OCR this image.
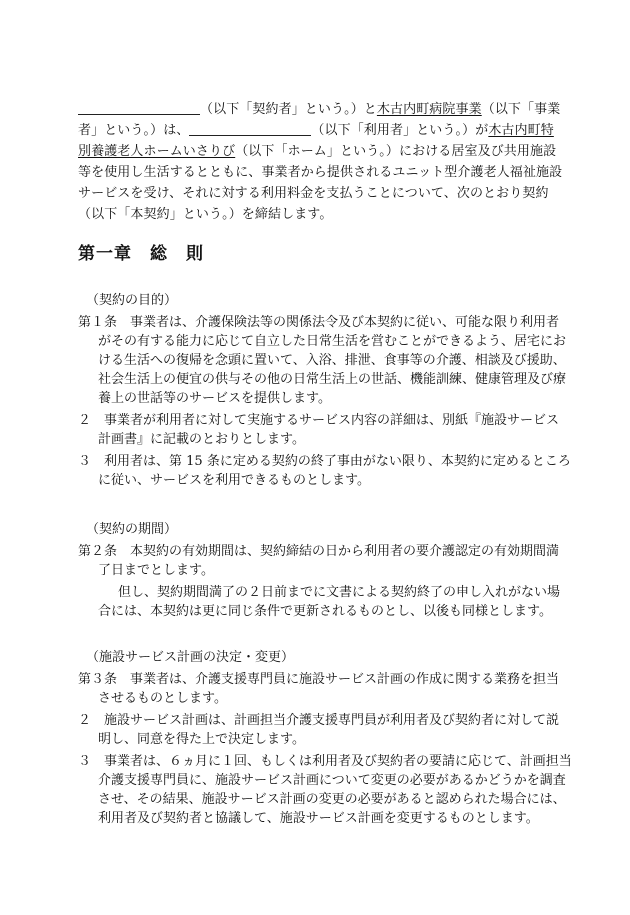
（以下「契約者」という。）と木古内町病院事業（以下「事業者」という。）は、	（以下「利用者」という。）が木古内町特別養護老人ホームいさりび（以下「ホーム」という。）における居室及び共用施設等を使用し生活するとともに、事業者から提供されるユニット型介護老人福祉施設サービスを受け、それに対する利用料金を支払うことについて、次のとおり契約（以下「本契約」という。）を締結します。
第一章 総　則
（契約の目的）
第１条　 事業者は、介護保険法等の関係法令及び本契約に従い、可能な限り利用者がその有する能力に応じて自立した日常生活を営むことができるよう、居宅における生活への復帰を念頭に置いて、入浴、排泄、食事等の介護、相談及び援助、社会生活上の便宜の供与その他の日常生活上の世話、機能訓練、健康管理及び療養上の世話等のサービスを提供します。
２　 事業者が利用者に対して実施するサービス内容の詳細は、別紙『施設サービス計画書』に記載のとおりとします。
３　 利用者は、第 15 条に定める契約の終了事由がない限り、本契約に定めるところに従い、サービスを利用できるものとします。
（契約の期間）
第２条　 本契約の有効期間は、契約締結の日から利用者の要介護認定の有効期間満了日までとします。
但し、契約期間満了の２日前までに文書による契約終了の申し入れがない場合には、本契約は更に同じ条件で更新されるものとし、以後も同様とします。
（施設サービス計画の決定・変更）
第３条　 事業者は、介護支援専門員に施設サービス計画の作成に関する業務を担当させるものとします。
２　 施設サービス計画は、計画担当介護支援専門員が利用者及び契約者に対して説明し、同意を得た上で決定します。
３　 事業者は、６ヵ月に１回、もしくは利用者及び契約者の要請に応じて、計画担当介護支援専門員に、施設サービス計画について変更の必要があるかどうかを調査させ、その結果、施設サービス計画の変更の必要があると認められた場合には、利用者及び契約者と協議して、施設サービス計画を変更するものとします。
